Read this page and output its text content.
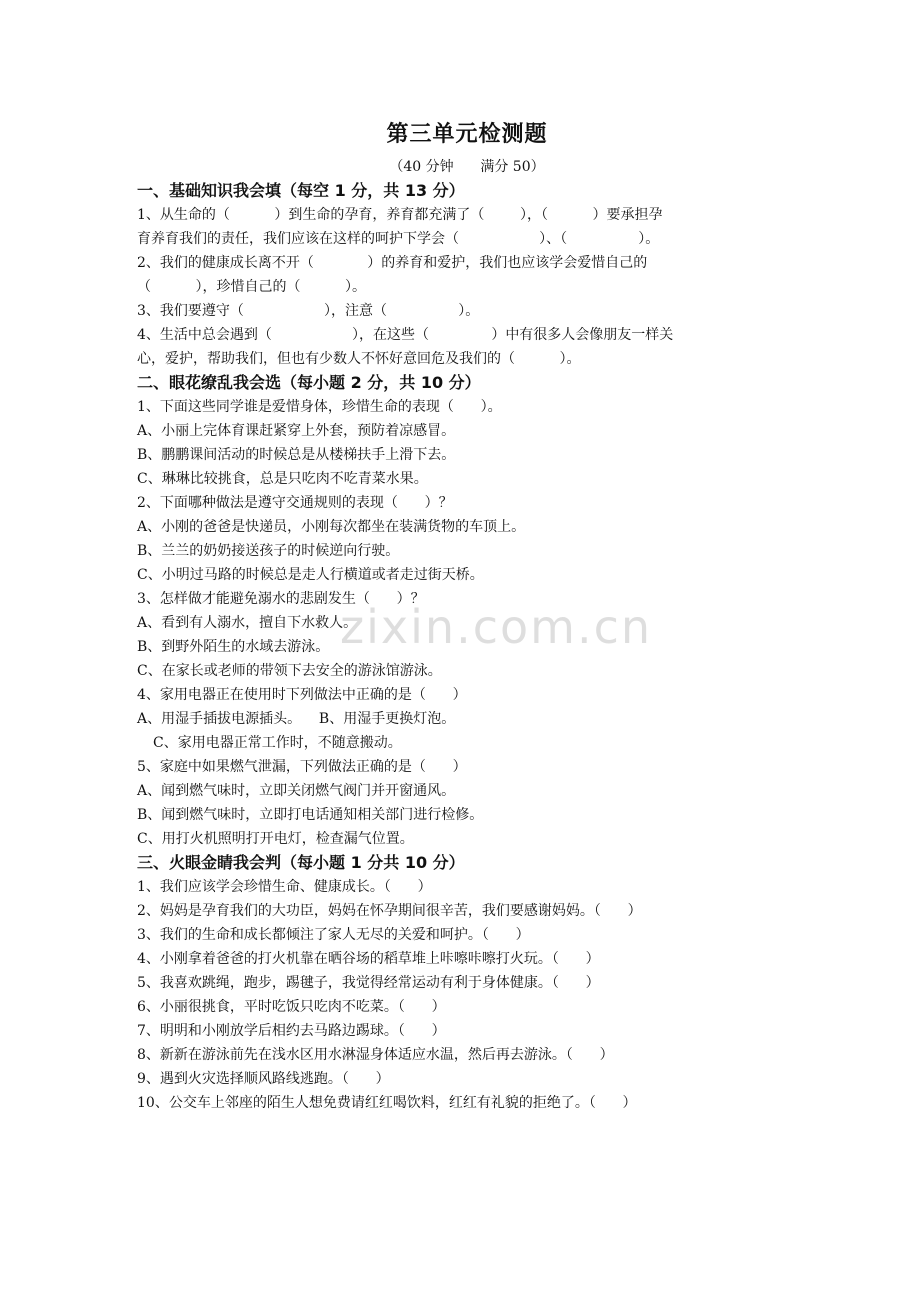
zixin.com.cn
第三单元检测题
（40 分钟      满分 50）
一、基础知识我会填（每空 1 分，共 13 分）
1、从生命的（          ）到生命的孕育，养育都充满了（        ），（          ）要承担孕
育养育我们的责任，我们应该在这样的呵护下学会（                  ）、（                ）。
2、我们的健康成长离不开（            ）的养育和爱护，我们也应该学会爱惜自己的
（          ），珍惜自己的（          ）。
3、我们要遵守（                  ），注意（                ）。
4、生活中总会遇到（                  ），在这些（              ）中有很多人会像朋友一样关
心，爱护，帮助我们，但也有少数人不怀好意回危及我们的（          ）。
二、眼花缭乱我会选（每小题 2 分，共 10 分）
1、下面这些同学谁是爱惜身体，珍惜生命的表现（      ）。
A、小丽上完体育课赶紧穿上外套，预防着凉感冒。
B、鹏鹏课间活动的时候总是从楼梯扶手上滑下去。
C、琳琳比较挑食，总是只吃肉不吃青菜水果。
2、下面哪种做法是遵守交通规则的表现（      ）？
A、小刚的爸爸是快递员，小刚每次都坐在装满货物的车顶上。
B、兰兰的奶奶接送孩子的时候逆向行驶。
C、小明过马路的时候总是走人行横道或者走过街天桥。
3、怎样做才能避免溺水的悲剧发生（      ）？
A、看到有人溺水，擅自下水救人。
B、到野外陌生的水域去游泳。
C、在家长或老师的带领下去安全的游泳馆游泳。
4、家用电器正在使用时下列做法中正确的是（      ）
A、用湿手插拔电源插头。    B、用湿手更换灯泡。
C、家用电器正常工作时，不随意搬动。
5、家庭中如果燃气泄漏，下列做法正确的是（      ）
A、闻到燃气味时，立即关闭燃气阀门并开窗通风。
B、闻到燃气味时，立即打电话通知相关部门进行检修。
C、用打火机照明打开电灯，检查漏气位置。
三、火眼金睛我会判（每小题 1 分共 10 分）
1、我们应该学会珍惜生命、健康成长。（      ）
2、妈妈是孕育我们的大功臣，妈妈在怀孕期间很辛苦，我们要感谢妈妈。（      ）
3、我们的生命和成长都倾注了家人无尽的关爱和呵护。（      ）
4、小刚拿着爸爸的打火机靠在晒谷场的稻草堆上咔嚓咔嚓打火玩。（      ）
5、我喜欢跳绳，跑步，踢毽子，我觉得经常运动有利于身体健康。（      ）
6、小丽很挑食，平时吃饭只吃肉不吃菜。（      ）
7、明明和小刚放学后相约去马路边踢球。（      ）
8、新新在游泳前先在浅水区用水淋湿身体适应水温，然后再去游泳。（      ）
9、遇到火灾选择顺风路线逃跑。（      ）
10、公交车上邻座的陌生人想免费请红红喝饮料，红红有礼貌的拒绝了。（      ）
